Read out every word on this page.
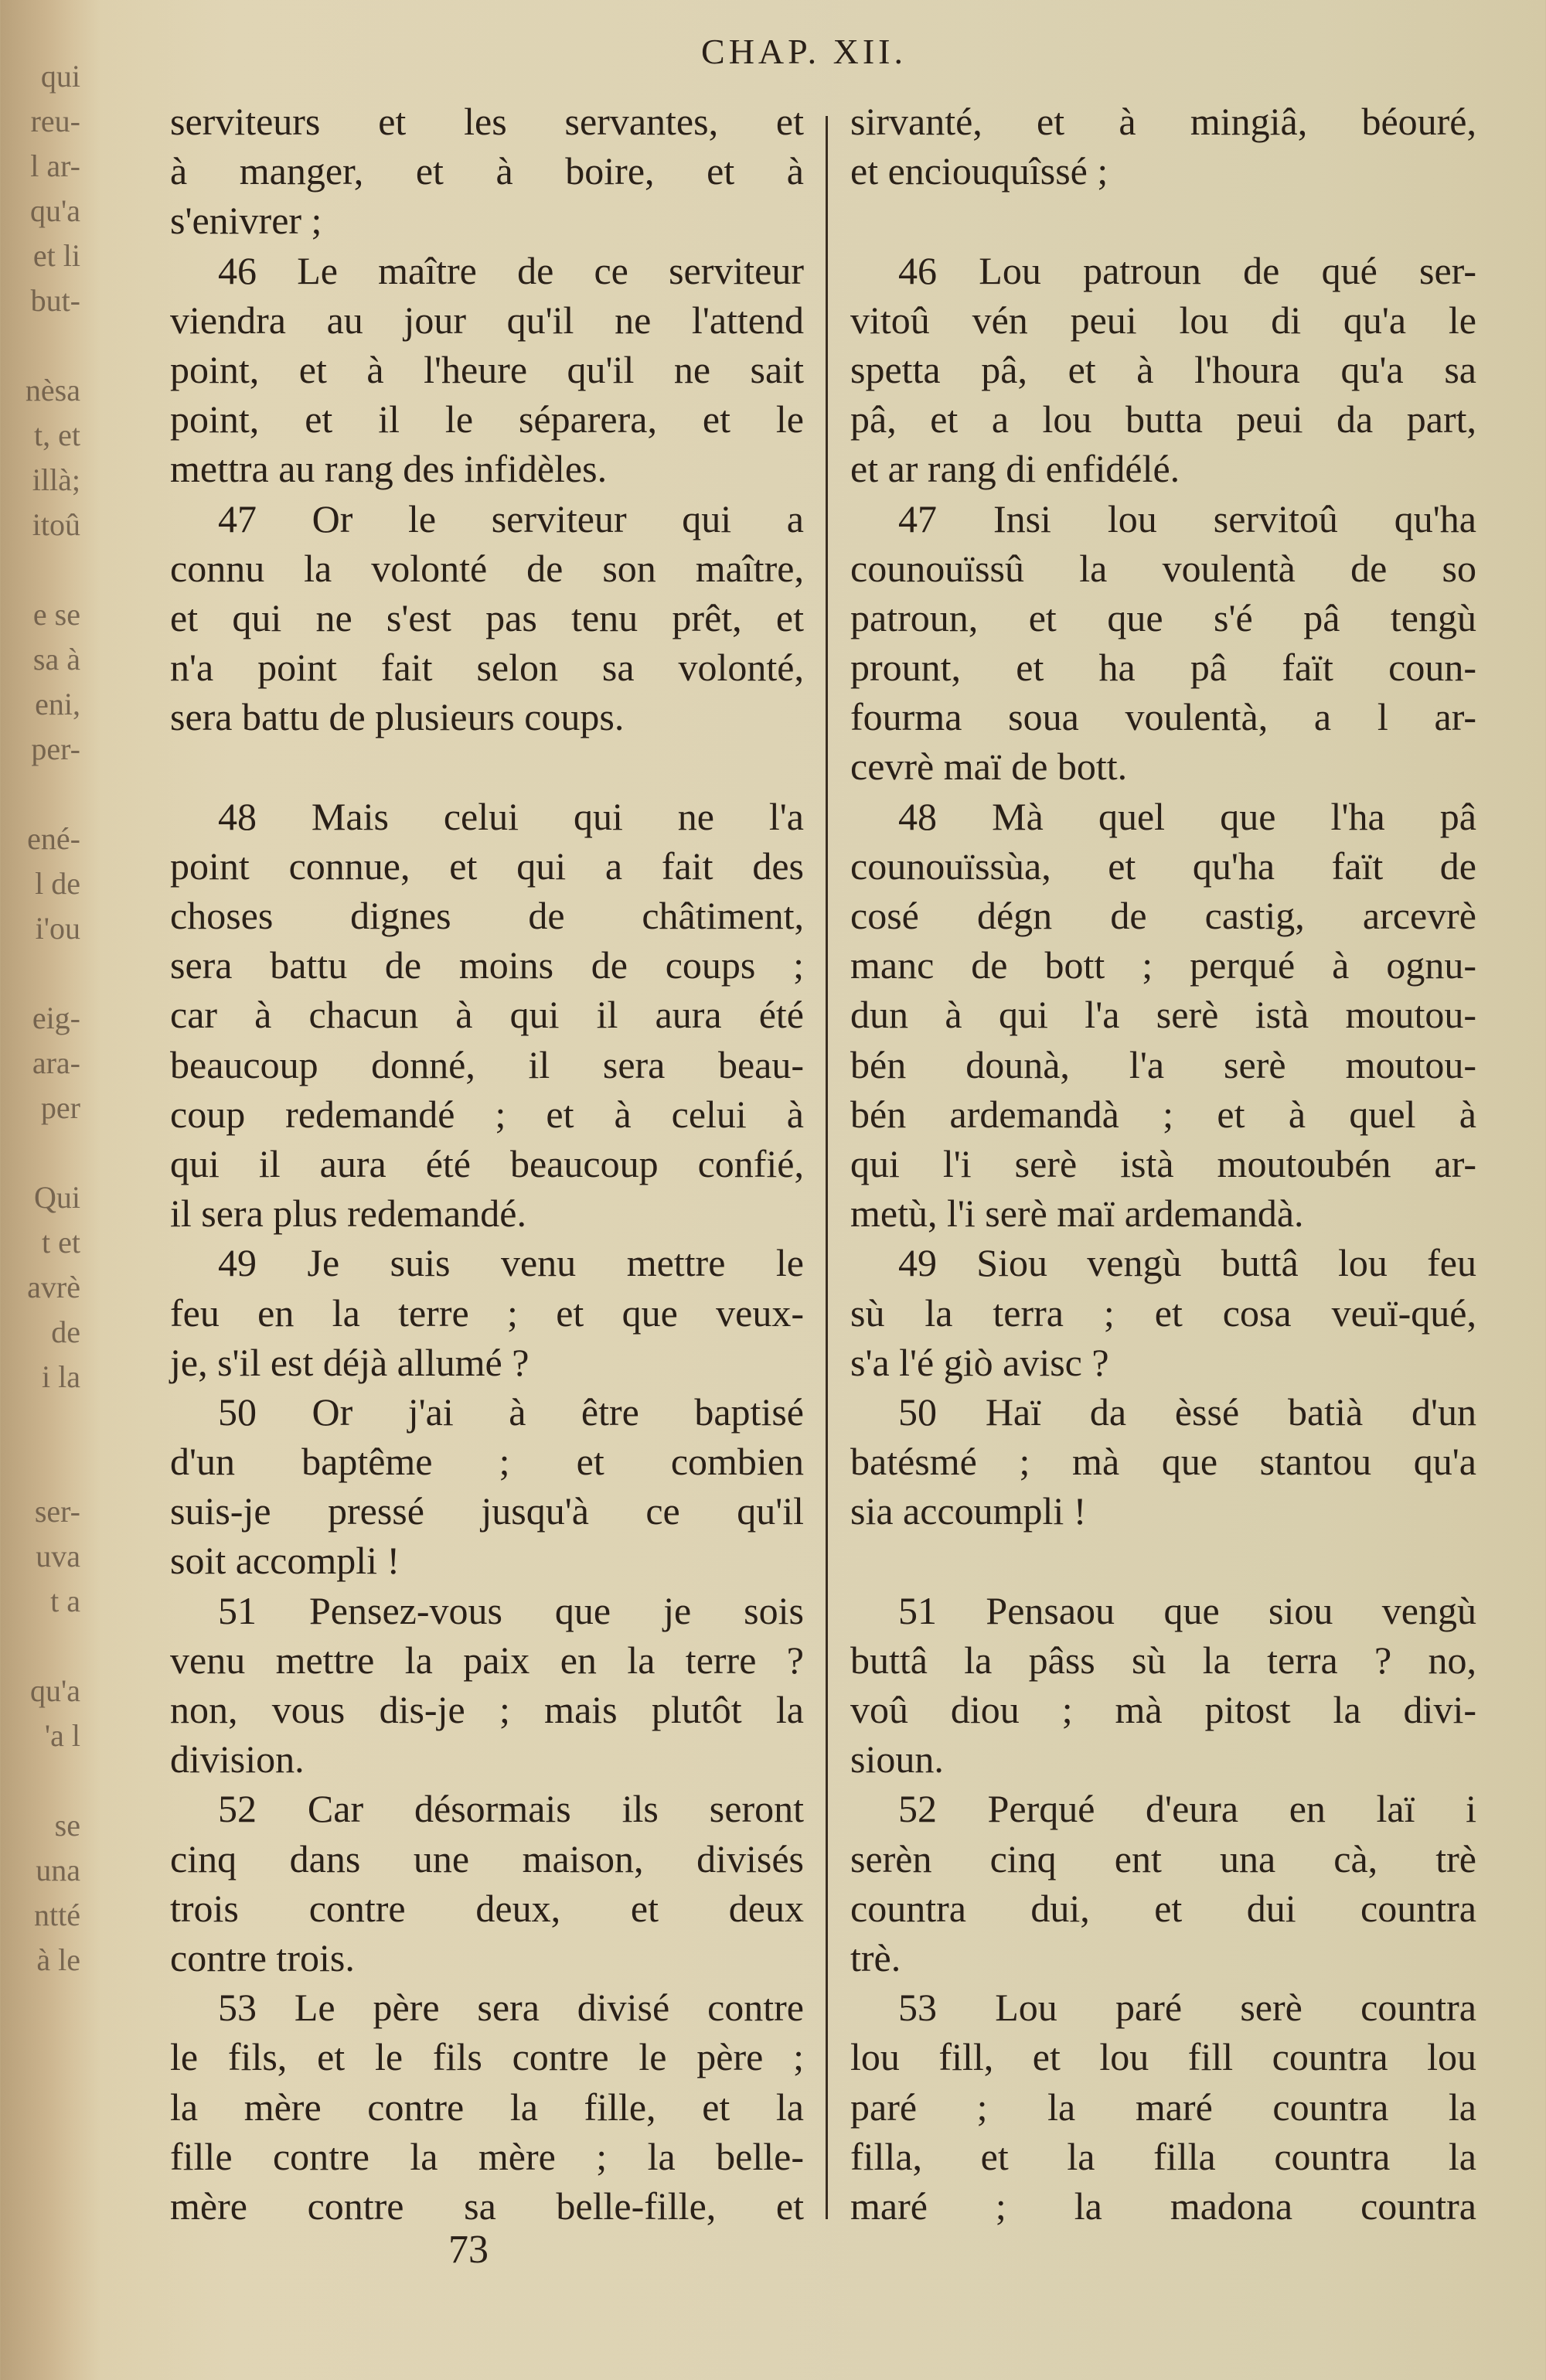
qui
reu-
l ar-
qu'a
et li
but-

nèsa
t, et
illà;
itoû

e se
sa à
eni,
per-

ené-
l de
i'ou

eig-
ara-
per

Qui
t et
avrè
de
i la

ser-
uva
t a

qu'a
'a l

se
una
ntté
à le
CHAP. XII.
serviteurs et les servantes, et
à manger, et à boire, et à
s'enivrer ;
46 Le maître de ce serviteur
viendra au jour qu'il ne l'attend
point, et à l'heure qu'il ne sait
point, et il le séparera, et le
mettra au rang des infidèles.
47 Or le serviteur qui a
connu la volonté de son maître,
et qui ne s'est pas tenu prêt, et
n'a point fait selon sa volonté,
sera battu de plusieurs coups.
48 Mais celui qui ne l'a
point connue, et qui a fait des
choses dignes de châtiment,
sera battu de moins de coups ;
car à chacun à qui il aura été
beaucoup donné, il sera beau-
coup redemandé ; et à celui à
qui il aura été beaucoup confié,
il sera plus redemandé.
49 Je suis venu mettre le
feu en la terre ; et que veux-
je, s'il est déjà allumé ?
50 Or j'ai à être baptisé
d'un baptême ; et combien
suis-je pressé jusqu'à ce qu'il
soit accompli !
51 Pensez-vous que je sois
venu mettre la paix en la terre ?
non, vous dis-je ; mais plutôt la
division.
52 Car désormais ils seront
cinq dans une maison, divisés
trois contre deux, et deux
contre trois.
53 Le père sera divisé contre
le fils, et le fils contre le père ;
la mère contre la fille, et la
fille contre la mère ; la belle-
mère contre sa belle-fille, et
sirvanté, et à mingiâ, béouré,
et enciouquîssé ;
46 Lou patroun de qué ser-
vitoû vén peui lou di qu'a le
spetta pâ, et à l'houra qu'a sa
pâ, et a lou butta peui da part,
et ar rang di enfidélé.
47 Insi lou servitoû qu'ha
counouïssû la voulentà de so
patroun, et que s'é pâ tengù
prount, et ha pâ faït coun-
fourma soua voulentà, a l ar-
cevrè maï de bott.
48 Mà quel que l'ha pâ
counouïssùa, et qu'ha faït de
cosé dégn de castig, arcevrè
manc de bott ; perqué à ognu-
dun à qui l'a serè istà moutou-
bén dounà, l'a serè moutou-
bén ardemandà ; et à quel à
qui l'i serè istà moutoubén ar-
metù, l'i serè maï ardemandà.
49 Siou vengù buttâ lou feu
sù la terra ; et cosa veuï-qué,
s'a l'é giò avisc ?
50 Haï da èssé batià d'un
batésmé ; mà que stantou qu'a
sia accoumpli !
51 Pensaou que siou vengù
buttâ la pâss sù la terra ? no,
voû diou ; mà pitost la divi-
sioun.
52 Perqué d'eura en laï i
serèn cinq ent una cà, trè
countra dui, et dui countra
trè.
53 Lou paré serè countra
lou fill, et lou fill countra lou
paré ; la maré countra la
filla, et la filla countra la
maré ; la madona countra
73
